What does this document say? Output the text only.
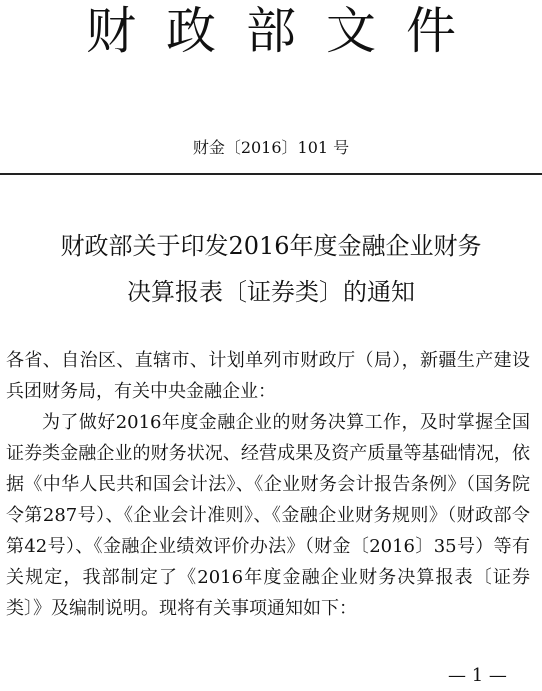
财政部文件
财金〔2016〕101 号
财政部关于印发2016年度金融企业财务
决算报表〔证券类〕的通知

各省、自治区、直辖市、计划单列市财政厅（局），新疆生产建设兵团财务局，有关中央金融企业：

为了做好2016年度金融企业的财务决算工作，及时掌握全国证券类金融企业的财务状况、经营成果及资产质量等基础情况，依据《中华人民共和国会计法》、《企业财务会计报告条例》（国务院令第287号）、《企业会计准则》、《金融企业财务规则》（财政部令第42号）、《金融企业绩效评价办法》（财金〔2016〕35号）等有关规定，我部制定了《2016年度金融企业财务决算报表〔证券类〕》及编制说明。现将有关事项通知如下：

— 1 —
